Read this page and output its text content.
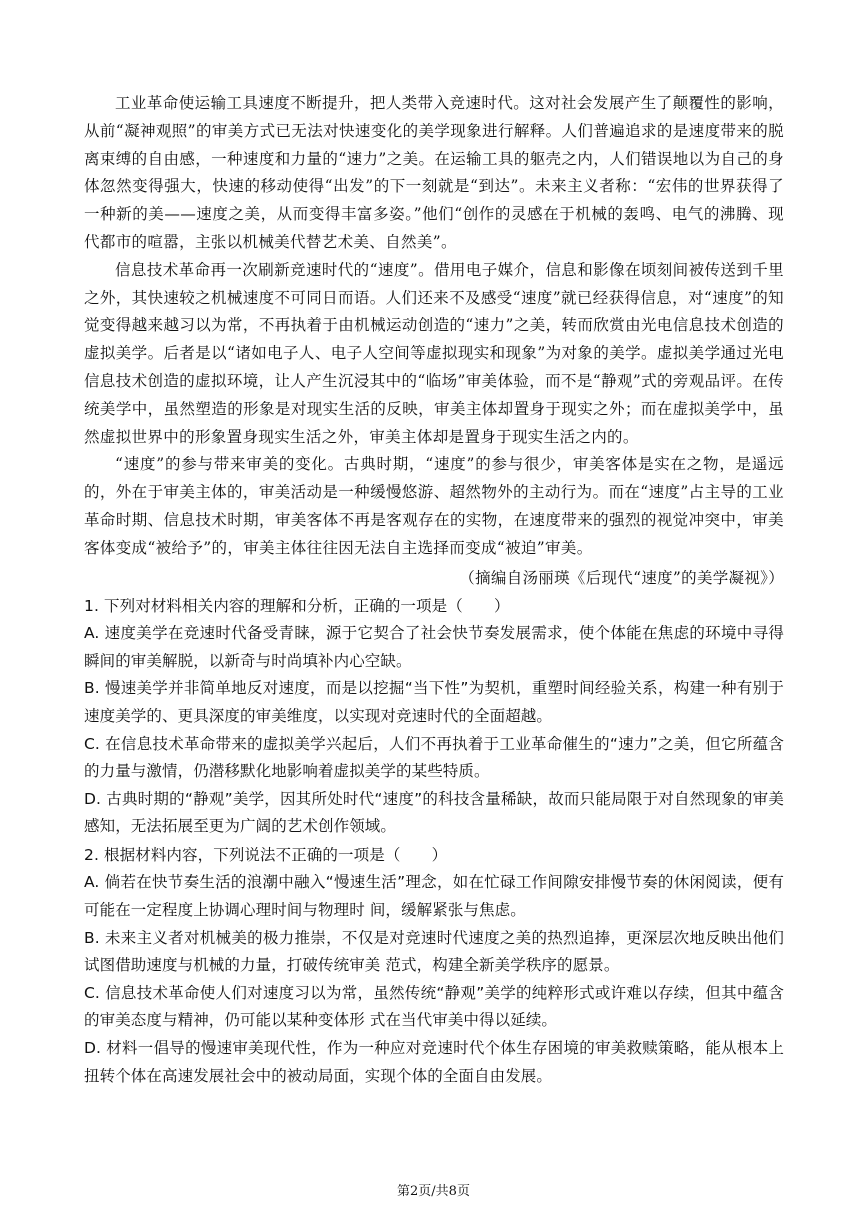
工业革命使运输工具速度不断提升，把人类带入竞速时代。这对社会发展产生了颠覆性的影响，从前“凝神观照”的审美方式已无法对快速变化的美学现象进行解释。人们普遍追求的是速度带来的脱离束缚的自由感，一种速度和力量的“速力”之美。在运输工具的躯壳之内，人们错误地以为自己的身体忽然变得强大，快速的移动使得“出发”的下一刻就是“到达”。未来主义者称：“宏伟的世界获得了一种新的美——速度之美，从而变得丰富多姿。”他们“创作的灵感在于机械的轰鸣、电气的沸腾、现代都市的喧嚣，主张以机械美代替艺术美、自然美”。

信息技术革命再一次刷新竞速时代的“速度”。借用电子媒介，信息和影像在顷刻间被传送到千里之外，其快速较之机械速度不可同日而语。人们还来不及感受“速度”就已经获得信息，对“速度”的知觉变得越来越习以为常，不再执着于由机械运动创造的“速力”之美，转而欣赏由光电信息技术创造的虚拟美学。后者是以“诸如电子人、电子人空间等虚拟现实和现象”为对象的美学。虚拟美学通过光电信息技术创造的虚拟环境，让人产生沉浸其中的“临场”审美体验，而不是“静观”式的旁观品评。在传统美学中，虽然塑造的形象是对现实生活的反映，审美主体却置身于现实之外；而在虚拟美学中，虽然虚拟世界中的形象置身现实生活之外，审美主体却是置身于现实生活之内的。

“速度”的参与带来审美的变化。古典时期，“速度”的参与很少，审美客体是实在之物，是遥远的，外在于审美主体的，审美活动是一种缓慢悠游、超然物外的主动行为。而在“速度”占主导的工业革命时期、信息技术时期，审美客体不再是客观存在的实物，在速度带来的强烈的视觉冲突中，审美客体变成“被给予”的，审美主体往往因无法自主选择而变成“被迫”审美。

（摘编自汤丽瑛《后现代“速度”的美学凝视》）

1. 下列对材料相关内容的理解和分析，正确的一项是（　　）

A. 速度美学在竞速时代备受青睐，源于它契合了社会快节奏发展需求，使个体能在焦虑的环境中寻得瞬间的审美解脱，以新奇与时尚填补内心空缺。

B. 慢速美学并非简单地反对速度，而是以挖掘“当下性”为契机，重塑时间经验关系，构建一种有别于速度美学的、更具深度的审美维度，以实现对竞速时代的全面超越。

C. 在信息技术革命带来的虚拟美学兴起后，人们不再执着于工业革命催生的“速力”之美，但它所蕴含的力量与激情，仍潜移默化地影响着虚拟美学的某些特质。

D. 古典时期的“静观”美学，因其所处时代“速度”的科技含量稀缺，故而只能局限于对自然现象的审美感知，无法拓展至更为广阔的艺术创作领域。

2. 根据材料内容，下列说法不正确的一项是（　　）

A. 倘若在快节奏生活的浪潮中融入“慢速生活”理念，如在忙碌工作间隙安排慢节奏的休闲阅读，便有可能在一定程度上协调心理时间与物理时 间，缓解紧张与焦虑。

B. 未来主义者对机械美的极力推崇，不仅是对竞速时代速度之美的热烈追捧，更深层次地反映出他们试图借助速度与机械的力量，打破传统审美 范式，构建全新美学秩序的愿景。

C. 信息技术革命使人们对速度习以为常，虽然传统“静观”美学的纯粹形式或许难以存续，但其中蕴含的审美态度与精神，仍可能以某种变体形 式在当代审美中得以延续。

D. 材料一倡导的慢速审美现代性，作为一种应对竞速时代个体生存困境的审美救赎策略，能从根本上扭转个体在高速发展社会中的被动局面，实现个体的全面自由发展。

第2页/共8页
